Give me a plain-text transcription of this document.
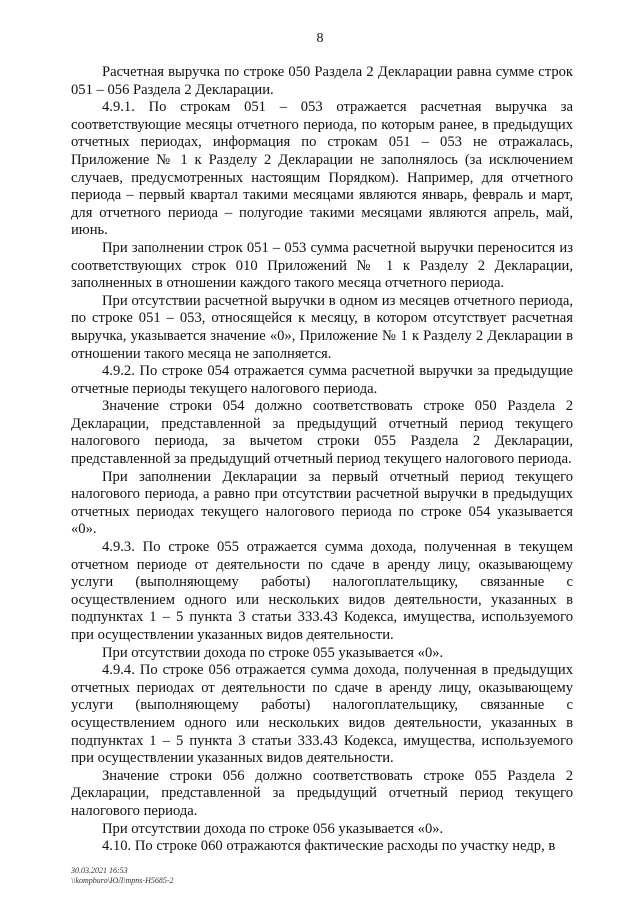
8

Расчетная выручка по строке 050 Раздела 2 Декларации равна сумме строк 051 – 056 Раздела 2 Декларации.

4.9.1. По строкам 051 – 053 отражается расчетная выручка за соответствующие месяцы отчетного периода, по которым ранее, в предыдущих отчетных периодах, информация по строкам 051 – 053 не отражалась, Приложение № 1 к Разделу 2 Декларации не заполнялось (за исключением случаев, предусмотренных настоящим Порядком). Например, для отчетного периода – первый квартал такими месяцами являются январь, февраль и март, для отчетного периода – полугодие такими месяцами являются апрель, май, июнь.

При заполнении строк 051 – 053 сумма расчетной выручки переносится из соответствующих строк 010 Приложений № 1 к Разделу 2 Декларации, заполненных в отношении каждого такого месяца отчетного периода.

При отсутствии расчетной выручки в одном из месяцев отчетного периода, по строке 051 – 053, относящейся к месяцу, в котором отсутствует расчетная выручка, указывается значение «0», Приложение № 1 к Разделу 2 Декларации в отношении такого месяца не заполняется.

4.9.2. По строке 054 отражается сумма расчетной выручки за предыдущие отчетные периоды текущего налогового периода.

Значение строки 054 должно соответствовать строке 050 Раздела 2 Декларации, представленной за предыдущий отчетный период текущего налогового периода, за вычетом строки 055 Раздела 2 Декларации, представленной за предыдущий отчетный период текущего налогового периода.

При заполнении Декларации за первый отчетный период текущего налогового периода, а равно при отсутствии расчетной выручки в предыдущих отчетных периодах текущего налогового периода по строке 054 указывается «0».

4.9.3. По строке 055 отражается сумма дохода, полученная в текущем отчетном периоде от деятельности по сдаче в аренду лицу, оказывающему услуги (выполняющему работы) налогоплательщику, связанные с осуществлением одного или нескольких видов деятельности, указанных в подпунктах 1 – 5 пункта 3 статьи 333.43 Кодекса, имущества, используемого при осуществлении указанных видов деятельности.

При отсутствии дохода по строке 055 указывается «0».

4.9.4. По строке 056 отражается сумма дохода, полученная в предыдущих отчетных периодах от деятельности по сдаче в аренду лицу, оказывающему услуги (выполняющему работы) налогоплательщику, связанные с осуществлением одного или нескольких видов деятельности, указанных в подпунктах 1 – 5 пункта 3 статьи 333.43 Кодекса, имущества, используемого при осуществлении указанных видов деятельности.

Значение строки 056 должно соответствовать строке 055 Раздела 2 Декларации, представленной за предыдущий отчетный период текущего налогового периода.

При отсутствии дохода по строке 056 указывается «0».

4.10. По строке 060 отражаются фактические расходы по участку недр, в

30.03.2021 16:53
\\kompburo\ЮЛ\mpns-H5685-2
